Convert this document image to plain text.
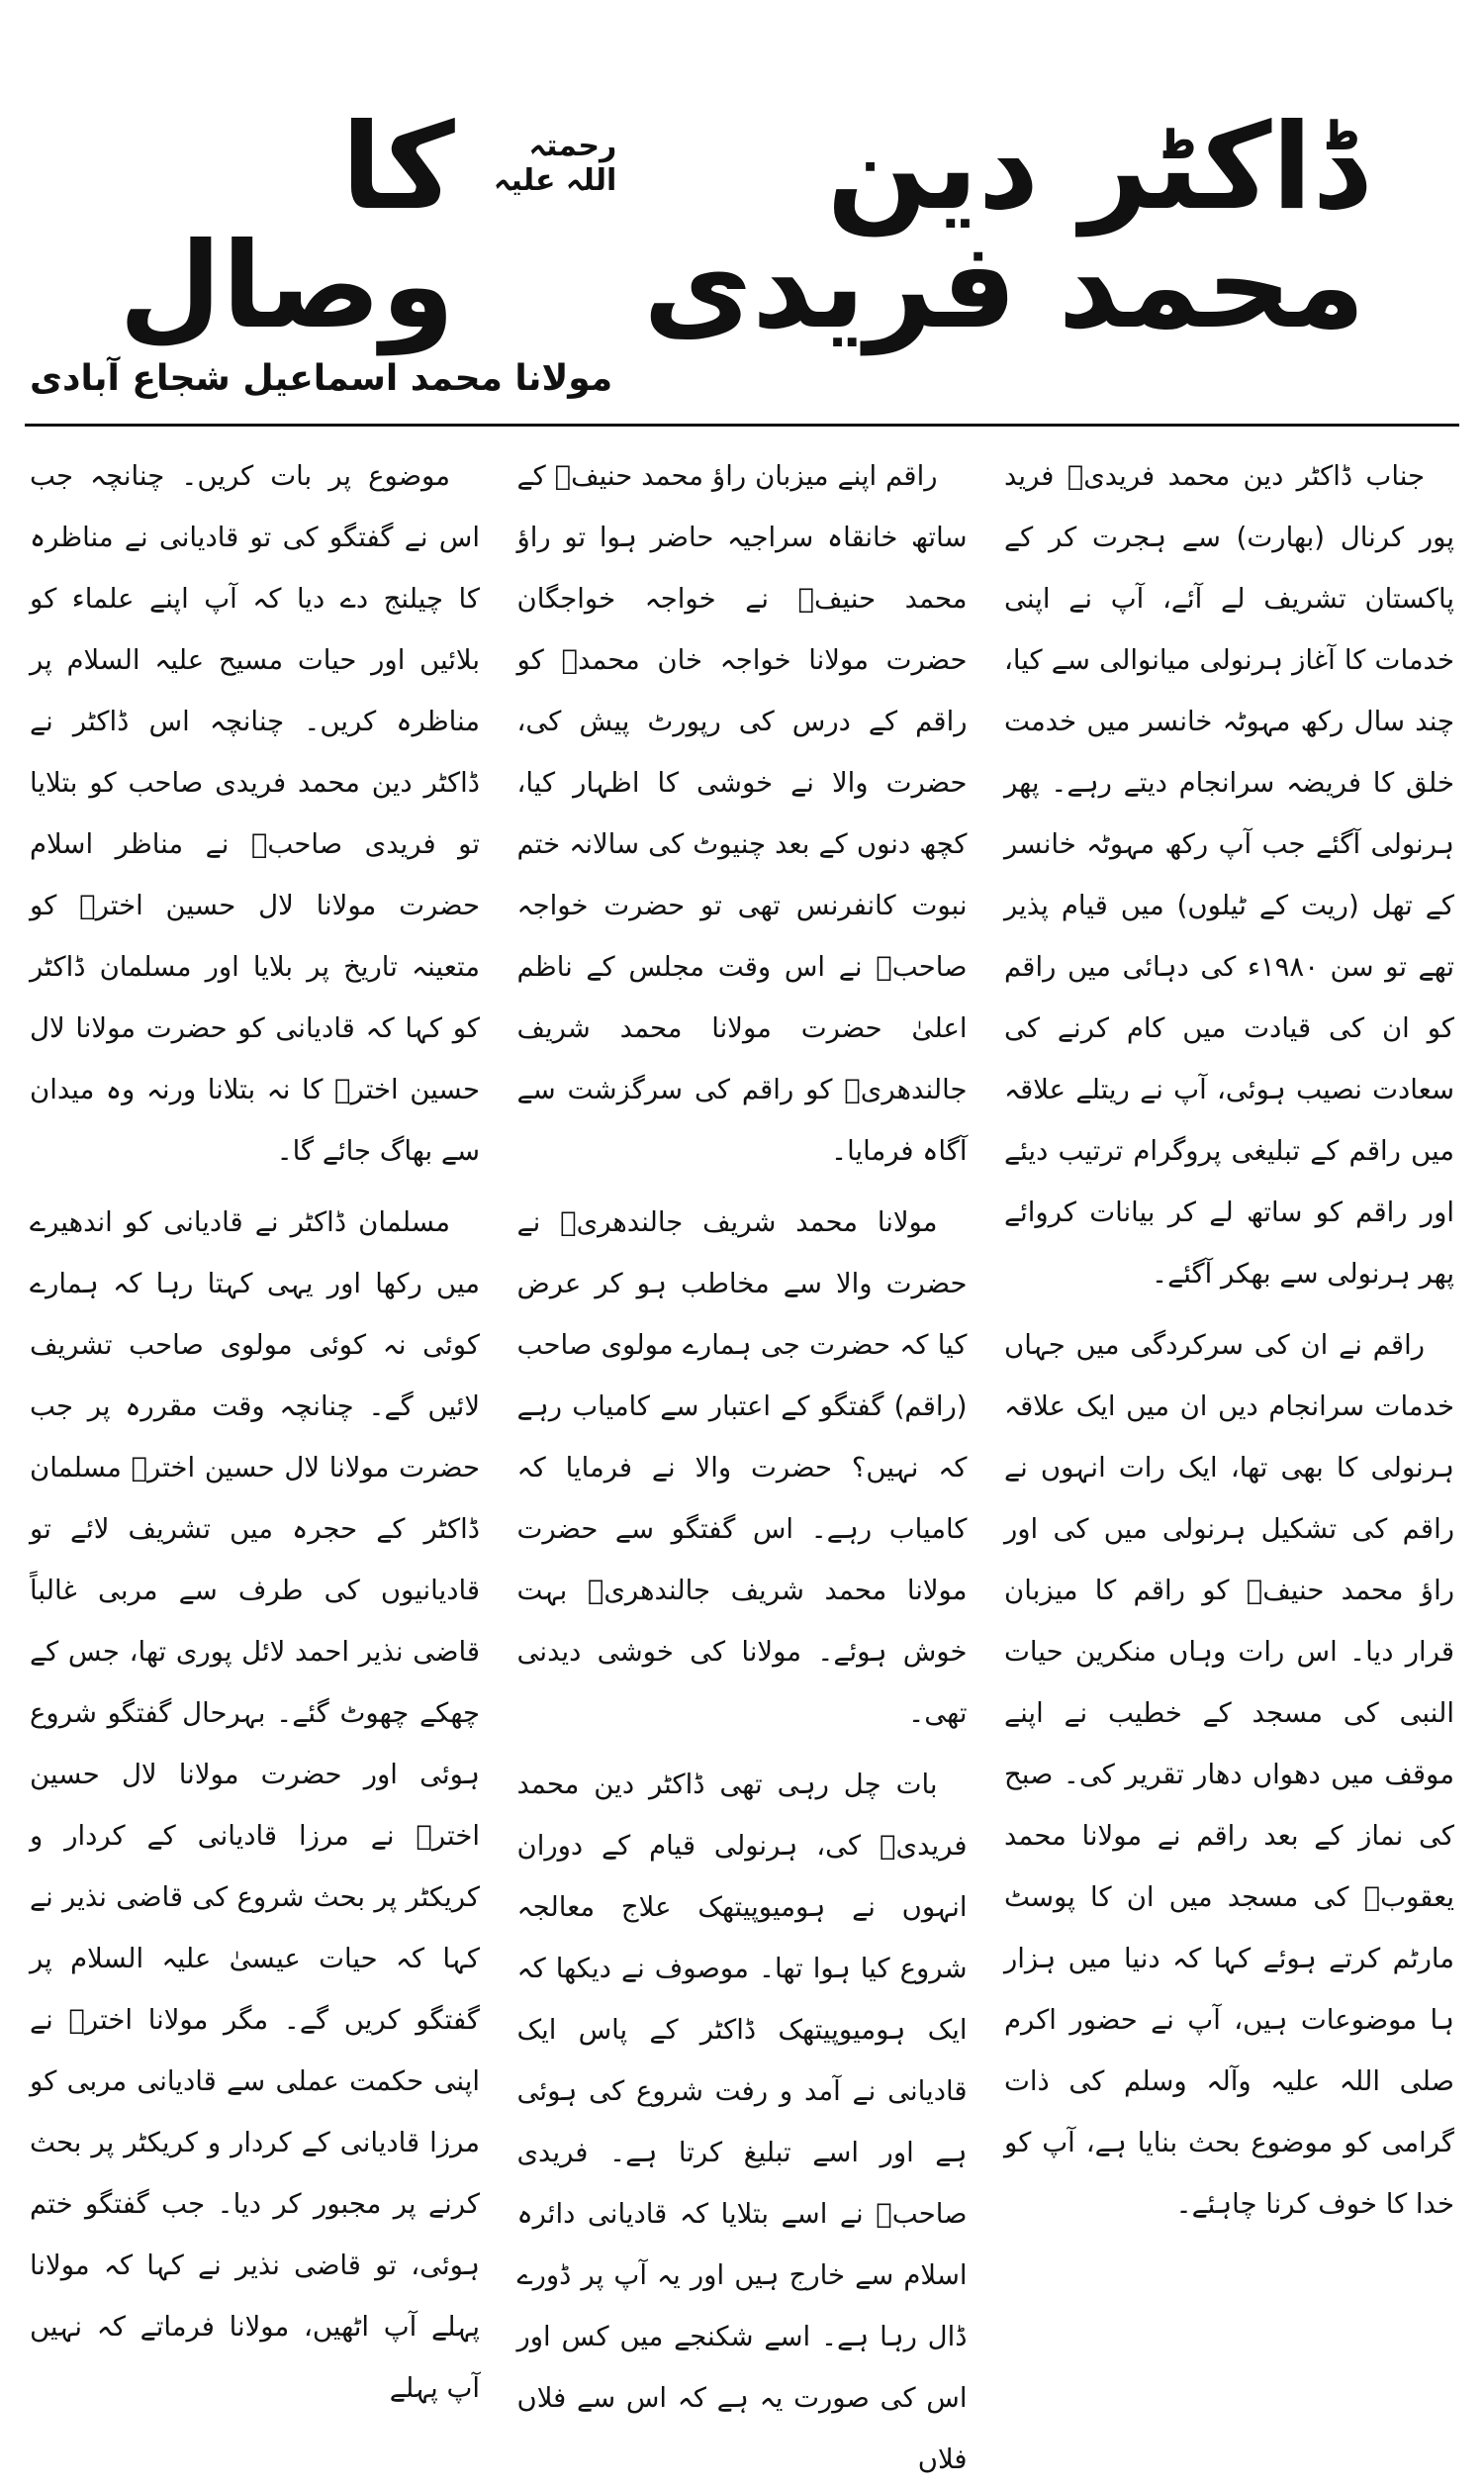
ڈاکٹر دین محمد فریدی
رحمتہ اللہ علیہ
کا وصال
مولانا محمد اسماعیل شجاع آبادی

جناب ڈاکٹر دین محمد فریدیؒ فرید پور کرنال (بھارت) سے ہجرت کر کے پاکستان تشریف لے آئے، آپ نے اپنی خدمات کا آغاز ہرنولی میانوالی سے کیا، چند سال رکھ مہوٹہ خانسر میں خدمت خلق کا فریضہ سرانجام دیتے رہے۔ پھر ہرنولی آگئے جب آپ رکھ مہوٹہ خانسر کے تھل (ریت کے ٹیلوں) میں قیام پذیر تھے تو سن ۱۹۸۰ء کی دہائی میں راقم کو ان کی قیادت میں کام کرنے کی سعادت نصیب ہوئی، آپ نے ریتلے علاقہ میں راقم کے تبلیغی پروگرام ترتیب دیئے اور راقم کو ساتھ لے کر بیانات کروائے پھر ہرنولی سے بھکر آگئے۔

راقم نے ان کی سرکردگی میں جہاں خدمات سرانجام دیں ان میں ایک علاقہ ہرنولی کا بھی تھا، ایک رات انہوں نے راقم کی تشکیل ہرنولی میں کی اور راؤ محمد حنیفؒ کو راقم کا میزبان قرار دیا۔ اس رات وہاں منکرین حیات النبی کی مسجد کے خطیب نے اپنے موقف میں دھواں دھار تقریر کی۔ صبح کی نماز کے بعد راقم نے مولانا محمد یعقوبؒ کی مسجد میں ان کا پوسٹ مارٹم کرتے ہوئے کہا کہ دنیا میں ہزار ہا موضوعات ہیں، آپ نے حضور اکرم صلی اللہ علیہ وآلہ وسلم کی ذات گرامی کو موضوع بحث بنایا ہے، آپ کو خدا کا خوف کرنا چاہئے۔

راقم اپنے میزبان راؤ محمد حنیفؒ کے ساتھ خانقاہ سراجیہ حاضر ہوا تو راؤ محمد حنیفؒ نے خواجہ خواجگان حضرت مولانا خواجہ خان محمدؒ کو راقم کے درس کی رپورٹ پیش کی، حضرت والا نے خوشی کا اظہار کیا، کچھ دنوں کے بعد چنیوٹ کی سالانہ ختم نبوت کانفرنس تھی تو حضرت خواجہ صاحبؒ نے اس وقت مجلس کے ناظم اعلیٰ حضرت مولانا محمد شریف جالندھریؒ کو راقم کی سرگزشت سے آگاہ فرمایا۔

مولانا محمد شریف جالندھریؒ نے حضرت والا سے مخاطب ہو کر عرض کیا کہ حضرت جی ہمارے مولوی صاحب (راقم) گفتگو کے اعتبار سے کامیاب رہے کہ نہیں؟ حضرت والا نے فرمایا کہ کامیاب رہے۔ اس گفتگو سے حضرت مولانا محمد شریف جالندھریؒ بہت خوش ہوئے۔ مولانا کی خوشی دیدنی تھی۔

بات چل رہی تھی ڈاکٹر دین محمد فریدیؒ کی، ہرنولی قیام کے دوران انہوں نے ہومیوپیتھک علاج معالجہ شروع کیا ہوا تھا۔ موصوف نے دیکھا کہ ایک ہومیوپیتھک ڈاکٹر کے پاس ایک قادیانی نے آمد و رفت شروع کی ہوئی ہے اور اسے تبلیغ کرتا ہے۔ فریدی صاحبؒ نے اسے بتلایا کہ قادیانی دائرہ اسلام سے خارج ہیں اور یہ آپ پر ڈورے ڈال رہا ہے۔ اسے شکنجے میں کس اور اس کی صورت یہ ہے کہ اس سے فلاں فلاں

موضوع پر بات کریں۔ چنانچہ جب اس نے گفتگو کی تو قادیانی نے مناظرہ کا چیلنج دے دیا کہ آپ اپنے علماء کو بلائیں اور حیات مسیح علیہ السلام پر مناظرہ کریں۔ چنانچہ اس ڈاکٹر نے ڈاکٹر دین محمد فریدی صاحب کو بتلایا تو فریدی صاحبؒ نے مناظر اسلام حضرت مولانا لال حسین اخترؒ کو متعینہ تاریخ پر بلایا اور مسلمان ڈاکٹر کو کہا کہ قادیانی کو حضرت مولانا لال حسین اخترؒ کا نہ بتلانا ورنہ وہ میدان سے بھاگ جائے گا۔

مسلمان ڈاکٹر نے قادیانی کو اندھیرے میں رکھا اور یہی کہتا رہا کہ ہمارے کوئی نہ کوئی مولوی صاحب تشریف لائیں گے۔ چنانچہ وقت مقررہ پر جب حضرت مولانا لال حسین اخترؒ مسلمان ڈاکٹر کے حجرہ میں تشریف لائے تو قادیانیوں کی طرف سے مربی غالباً قاضی نذیر احمد لائل پوری تھا، جس کے چھکے چھوٹ گئے۔ بہرحال گفتگو شروع ہوئی اور حضرت مولانا لال حسین اخترؒ نے مرزا قادیانی کے کردار و کریکٹر پر بحث شروع کی قاضی نذیر نے کہا کہ حیات عیسیٰ علیہ السلام پر گفتگو کریں گے۔ مگر مولانا اخترؒ نے اپنی حکمت عملی سے قادیانی مربی کو مرزا قادیانی کے کردار و کریکٹر پر بحث کرنے پر مجبور کر دیا۔ جب گفتگو ختم ہوئی، تو قاضی نذیر نے کہا کہ مولانا پہلے آپ اٹھیں، مولانا فرماتے کہ نہیں آپ پہلے
